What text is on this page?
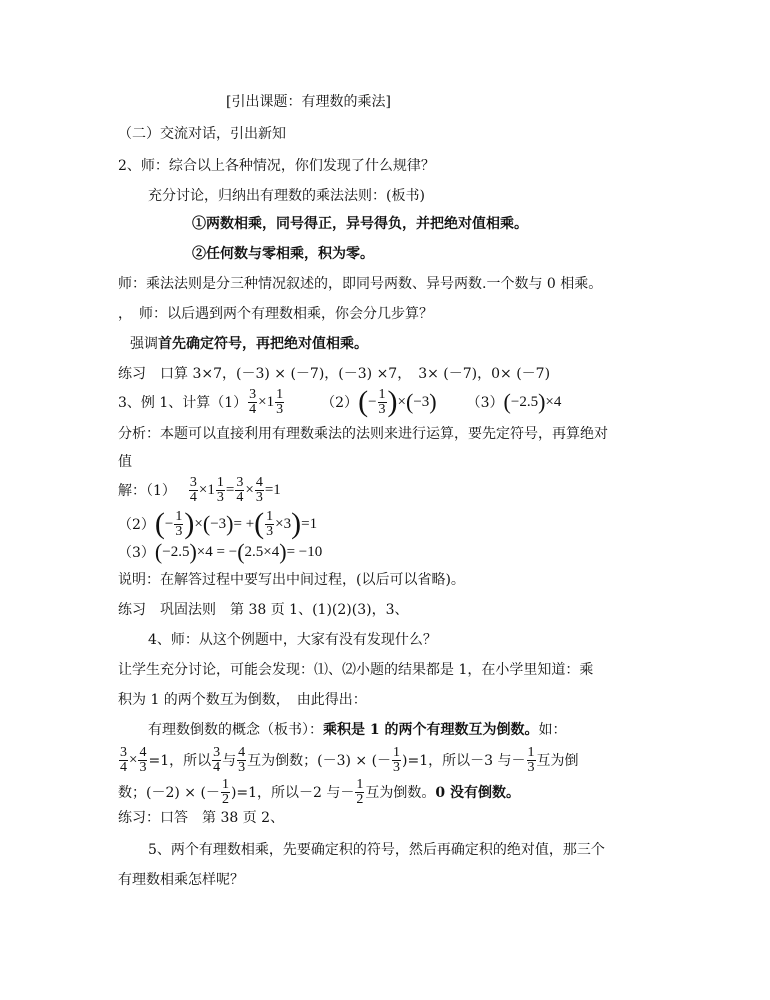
[引出课题：有理数的乘法]
（二）交流对话，引出新知
2、师：综合以上各种情况，你们发现了什么规律？
充分讨论，归纳出有理数的乘法法则：(板书)
①两数相乘，同号得正，异号得负，并把绝对值相乘。
②任何数与零相乘，积为零。
师：乘法法则是分三种情况叙述的，即同号两数、异号两数.一个数与 0 相乘。
，　师：以后遇到两个有理数相乘，你会分几步算？
强调首先确定符号，再把绝对值相乘。
练习　口算 3×7，(－3) × (－7)，(－3) ×7，　3× (－7)，0× (－7)
3、例 1、计算$(1) \frac{3}{4} \times 1 \frac{1}{3}$	（2） ( − $\frac{1}{3}$ ) × ( −3 ) （3） ( −2.5 ) ×4
分析：本题可以直接利用有理数乘法的法则来进行运算，要先定符号，再算绝对
值
解：$(1) \frac{3}{4} \times 1 \frac{1}{3} = \frac{3}{4} \times \frac{4}{3} =1$
（2） ( − $\frac{1}{3}$ ) × ( −3 ) = + ( $\frac{1}{3} \times 3$ ) =1
（3） ( −2.5 ) ×4 = − ( 2.5×4 ) = −10
说明：在解答过程中要写出中间过程，(以后可以省略)。
练习　巩固法则　第 38 页 1、(1)(2)(3)，3、
4、师：从这个例题中，大家有没有发现什么？
让学生充分讨论，可能会发现：⑴、⑵小题的结果都是 1，在小学里知道：乘
积为 1 的两个数互为倒数，　由此得出：
有理数倒数的概念（板书）：乘积是 1 的两个有理数互为倒数。如：
$\frac{3}{4} \times \frac{4}{3} =1$，所以 $\frac{3}{4}$ 与 $\frac{4}{3}$ 互为倒数；(－3) × (－ $\frac{1}{3} )=1$，所以－3 与－ $\frac{1}{3}$ 互为倒
数；(－2) × (－ $\frac{1}{2} )=1$，所以－2 与－ $\frac{1}{2}$ 互为倒数。 0 没有倒数。
练习：口答　第 38 页 2、
5、两个有理数相乘，先要确定积的符号，然后再确定积的绝对值，那三个
有理数相乘怎样呢？
